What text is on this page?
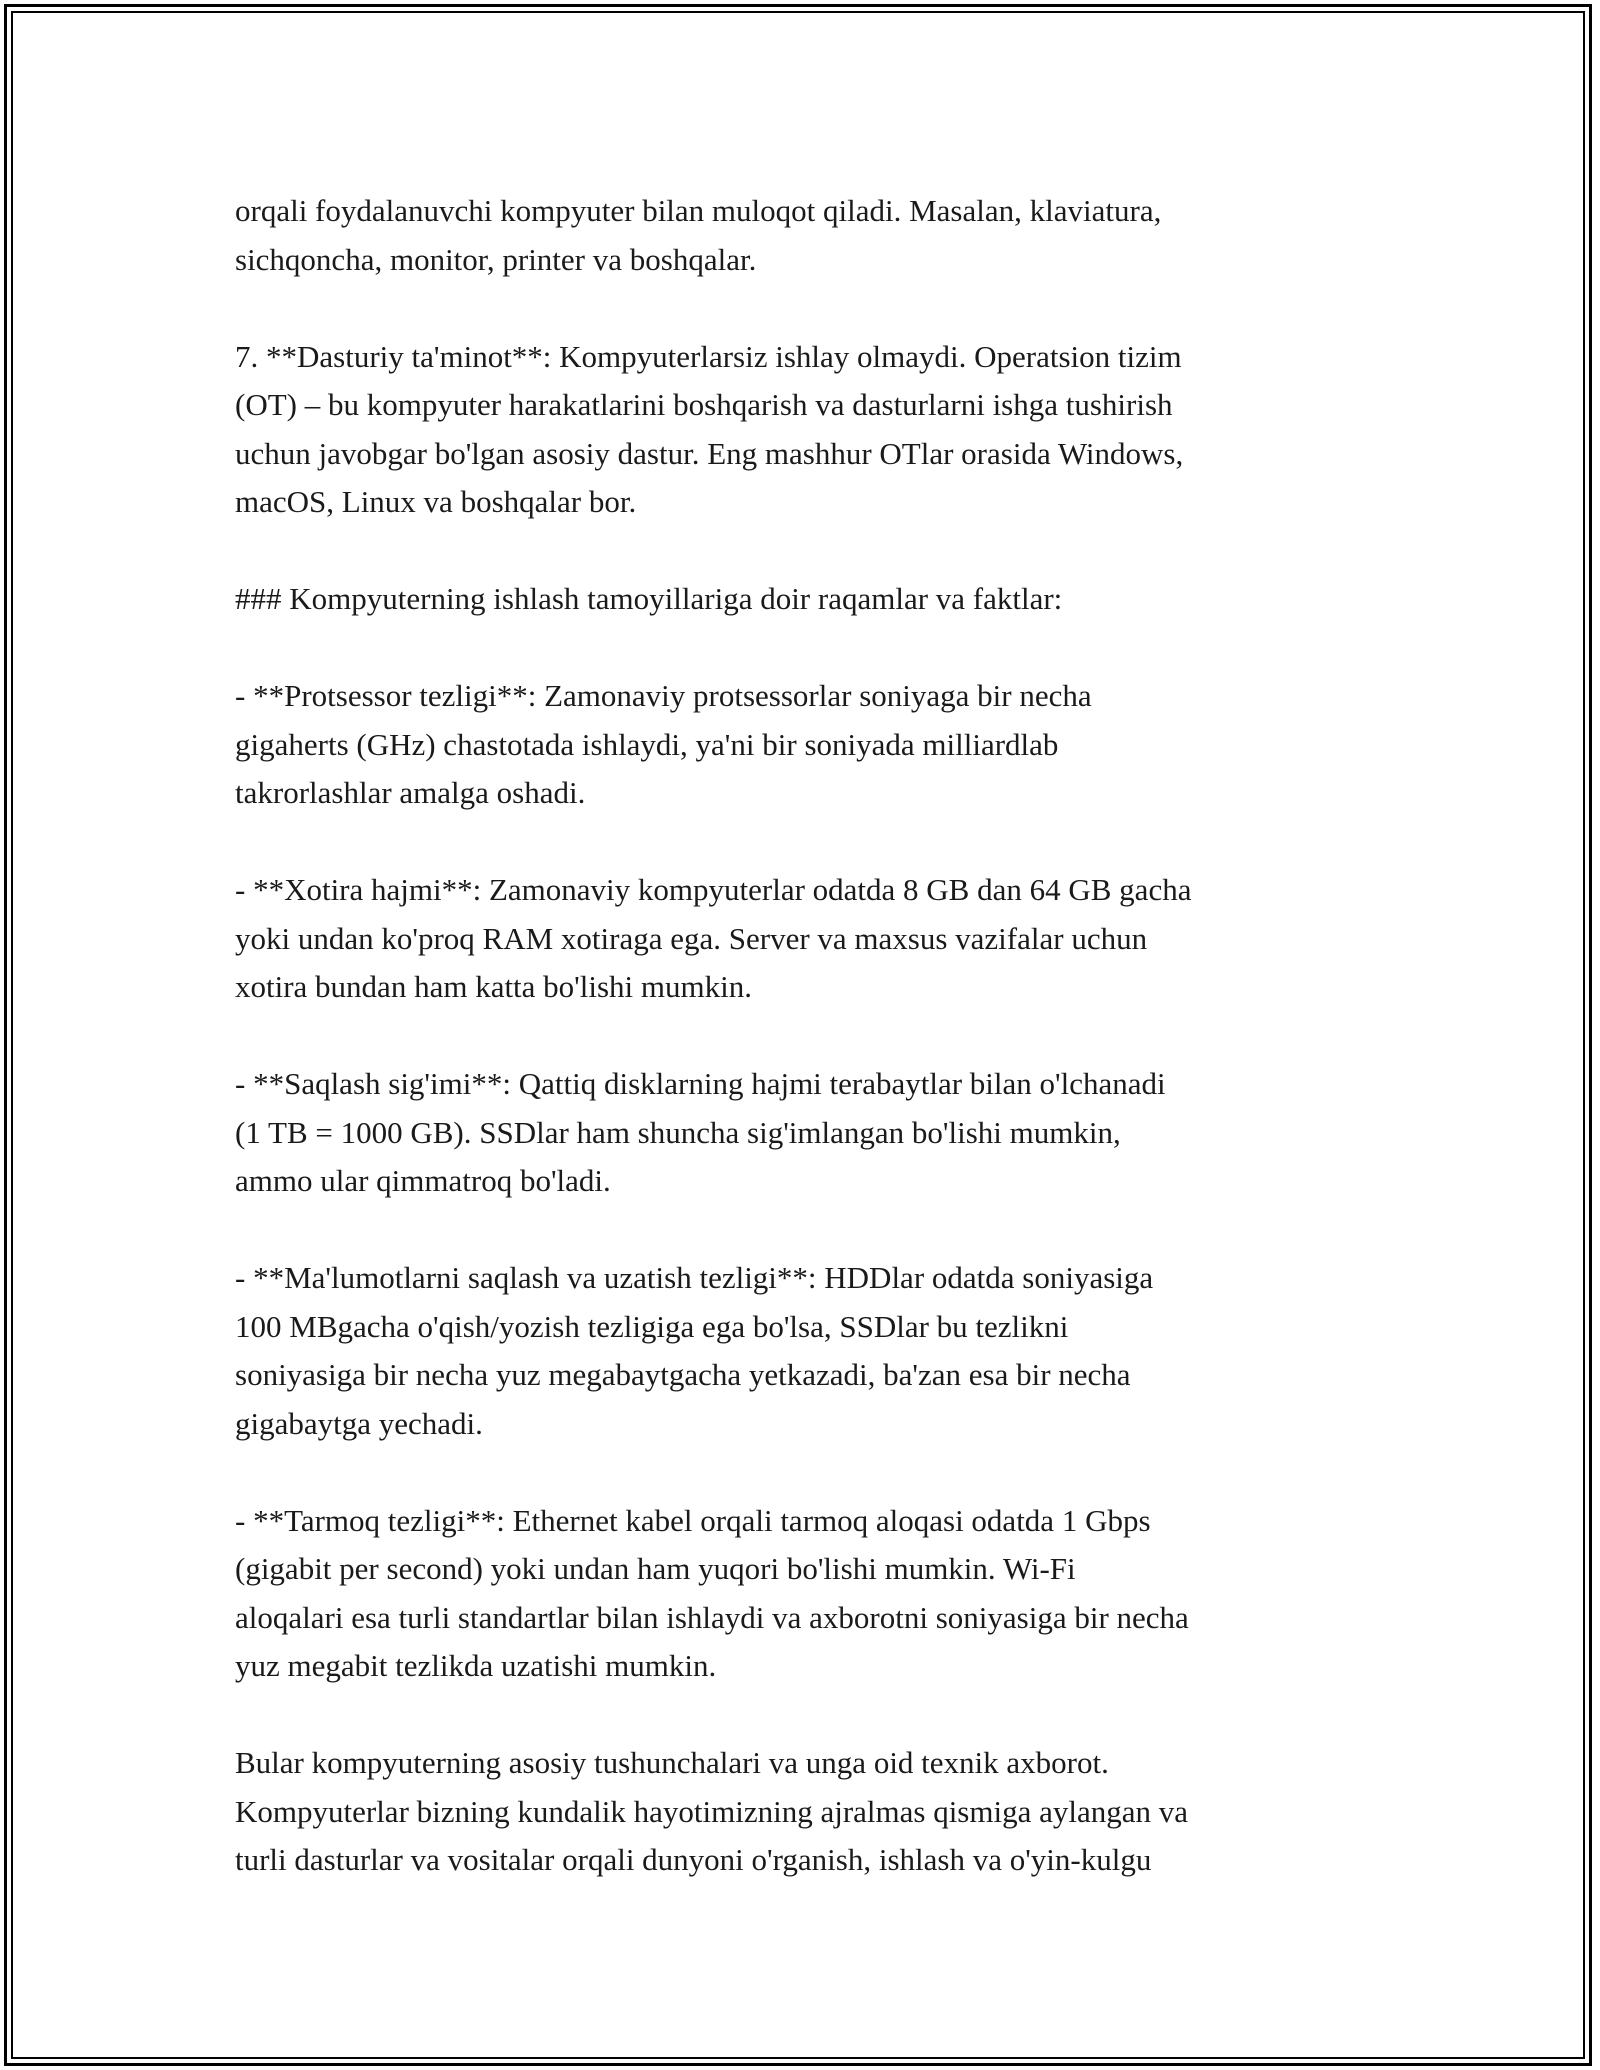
orqali foydalanuvchi kompyuter bilan muloqot qiladi. Masalan, klaviatura,
sichqoncha, monitor, printer va boshqalar.

7. **Dasturiy ta'minot**: Kompyuterlarsiz ishlay olmaydi. Operatsion tizim
(OT) – bu kompyuter harakatlarini boshqarish va dasturlarni ishga tushirish
uchun javobgar bo'lgan asosiy dastur. Eng mashhur OTlar orasida Windows,
macOS, Linux va boshqalar bor.

### Kompyuterning ishlash tamoyillariga doir raqamlar va faktlar:

- **Protsessor tezligi**: Zamonaviy protsessorlar soniyaga bir necha
gigaherts (GHz) chastotada ishlaydi, ya'ni bir soniyada milliardlab
takrorlashlar amalga oshadi.

- **Xotira hajmi**: Zamonaviy kompyuterlar odatda 8 GB dan 64 GB gacha
yoki undan ko'proq RAM xotiraga ega. Server va maxsus vazifalar uchun
xotira bundan ham katta bo'lishi mumkin.

- **Saqlash sig'imi**: Qattiq disklarning hajmi terabaytlar bilan o'lchanadi
(1 TB = 1000 GB). SSDlar ham shuncha sig'imlangan bo'lishi mumkin,
ammo ular qimmatroq bo'ladi.

- **Ma'lumotlarni saqlash va uzatish tezligi**: HDDlar odatda soniyasiga
100 MBgacha o'qish/yozish tezligiga ega bo'lsa, SSDlar bu tezlikni
soniyasiga bir necha yuz megabaytgacha yetkazadi, ba'zan esa bir necha
gigabaytga yechadi.

- **Tarmoq tezligi**: Ethernet kabel orqali tarmoq aloqasi odatda 1 Gbps
(gigabit per second) yoki undan ham yuqori bo'lishi mumkin. Wi-Fi
aloqalari esa turli standartlar bilan ishlaydi va axborotni soniyasiga bir necha
yuz megabit tezlikda uzatishi mumkin.

Bular kompyuterning asosiy tushunchalari va unga oid texnik axborot.
Kompyuterlar bizning kundalik hayotimizning ajralmas qismiga aylangan va
turli dasturlar va vositalar orqali dunyoni o'rganish, ishlash va o'yin-kulgu
